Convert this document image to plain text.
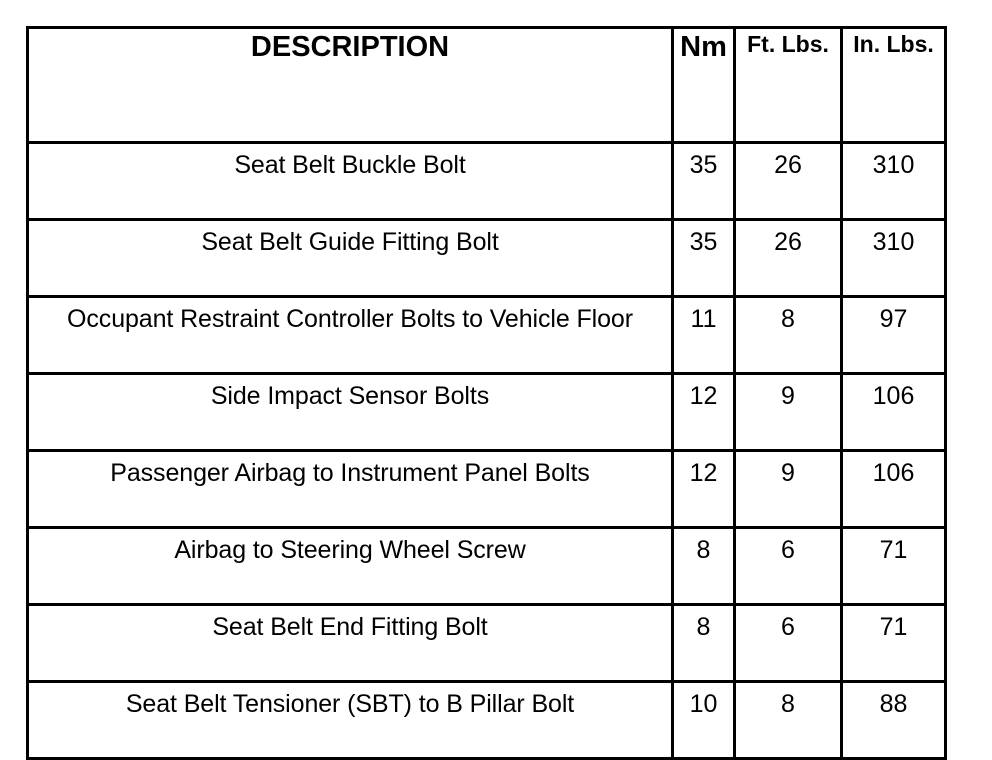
DESCRIPTION	Nm	Ft. Lbs.	In. Lbs.
Seat Belt Buckle Bolt	35	26	310
Seat Belt Guide Fitting Bolt	35	26	310
Occupant Restraint Controller Bolts to Vehicle Floor	11	8	97
Side Impact Sensor Bolts	12	9	106
Passenger Airbag to Instrument Panel Bolts	12	9	106
Airbag to Steering Wheel Screw	8	6	71
Seat Belt End Fitting Bolt	8	6	71
Seat Belt Tensioner (SBT) to B Pillar Bolt	10	8	88
